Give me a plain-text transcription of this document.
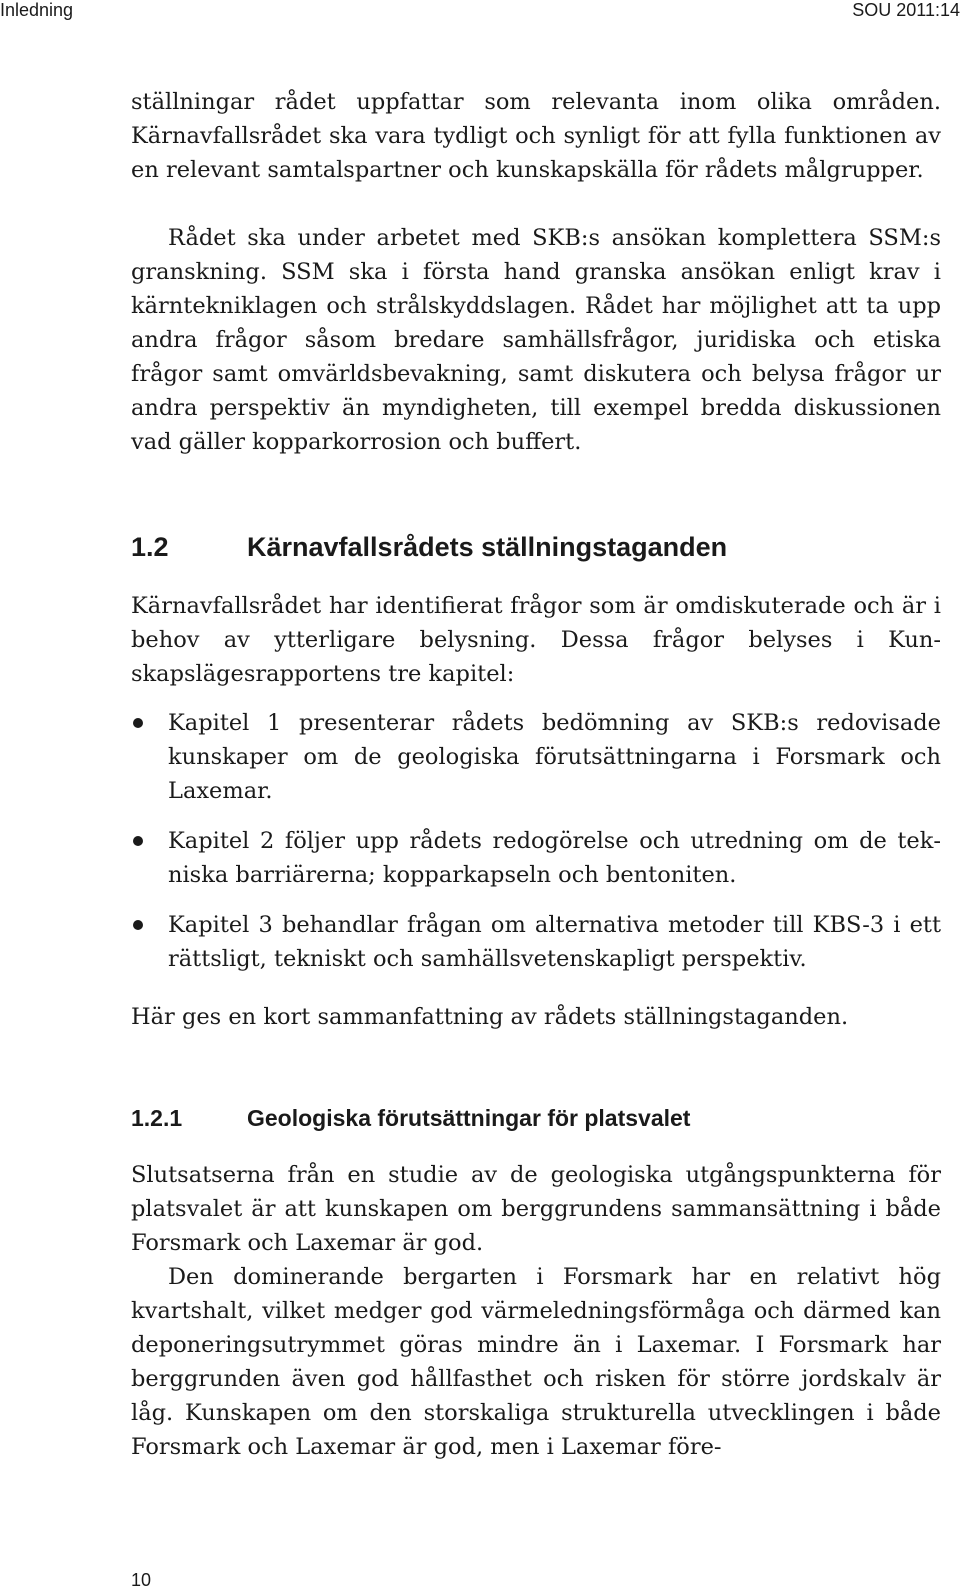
Inledning	SOU 2011:14

ställningar rådet uppfattar som relevanta inom olika områden. Kärnavfallsrådet ska vara tydligt och synligt för att fylla funktionen av en relevant samtalspartner och kunskapskälla för rådets målgrupper.

Rådet ska under arbetet med SKB:s ansökan komplettera SSM:s granskning. SSM ska i första hand granska ansökan enligt krav i kärntekniklagen och strålskyddslagen. Rådet har möjlighet att ta upp andra frågor såsom bredare samhällsfrågor, juridiska och etiska frågor samt omvärldsbevakning, samt diskutera och belysa frågor ur andra perspektiv än myndigheten, till exempel bredda diskussionen vad gäller kopparkorrosion och buffert.

1.2	Kärnavfallsrådets ställningstaganden

Kärnavfallsrådet har identifierat frågor som är omdiskuterade och är i behov av ytterligare belysning. Dessa frågor belyses i Kunskapslägesrapportens tre kapitel:

Kapitel 1 presenterar rådets bedömning av SKB:s redovisade kunskaper om de geologiska förutsättningarna i Forsmark och Laxemar.
Kapitel 2 följer upp rådets redogörelse och utredning om de tekniska barriärerna; kopparkapseln och bentoniten.
Kapitel 3 behandlar frågan om alternativa metoder till KBS-3 i ett rättsligt, tekniskt och samhällsvetenskapligt perspektiv.

Här ges en kort sammanfattning av rådets ställningstaganden.

1.2.1	Geologiska förutsättningar för platsvalet

Slutsatserna från en studie av de geologiska utgångspunkterna för platsvalet är att kunskapen om berggrundens sammansättning i både Forsmark och Laxemar är god.

Den dominerande bergarten i Forsmark har en relativt hög kvartshalt, vilket medger god värmeledningsförmåga och därmed kan deponeringsutrymmet göras mindre än i Laxemar. I Forsmark har berggrunden även god hållfasthet och risken för större jordskalv är låg. Kunskapen om den storskaliga strukturella utvecklingen i både Forsmark och Laxemar är god, men i Laxemar före-

10
